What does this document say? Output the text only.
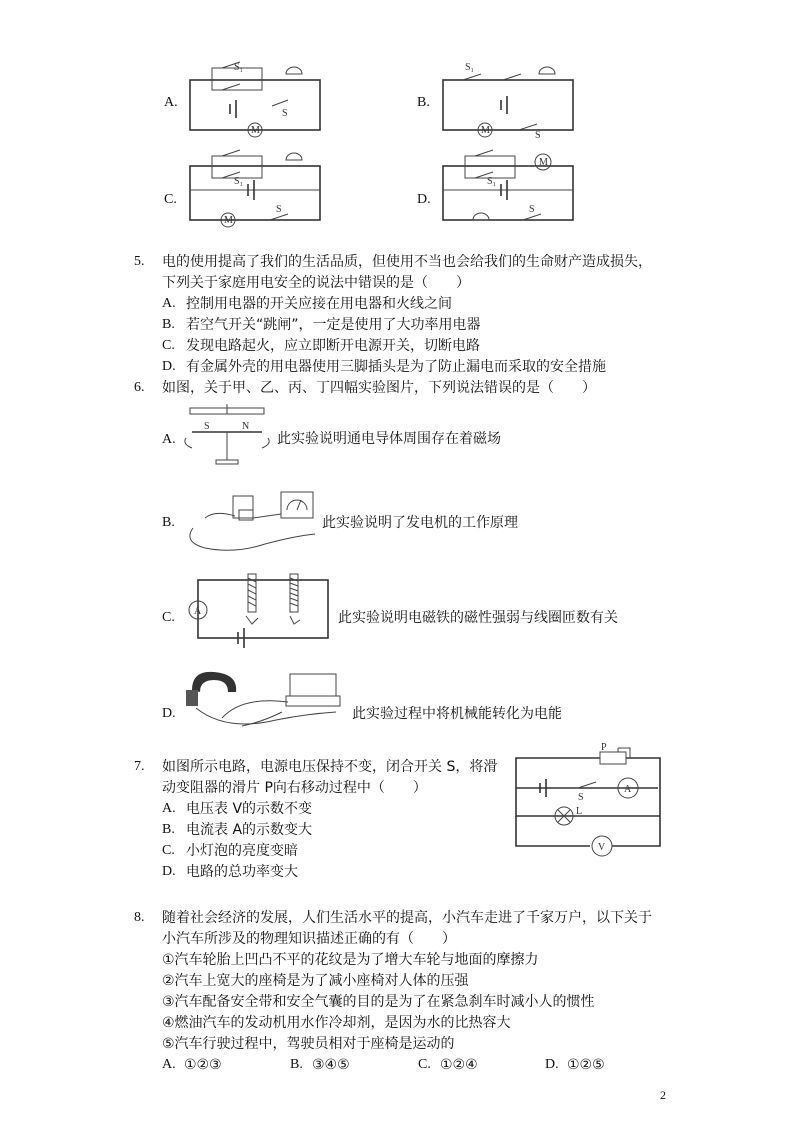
A.
S₁
S
M
B.
S₁
S
M
C.
S₁
S
M
D.
S₁
S
M
5. 电的使用提高了我们的生活品质，但使用不当也会给我们的生命财产造成损失，
下列关于家庭用电安全的说法中错误的是（　　）
A. 控制用电器的开关应接在用电器和火线之间
B. 若空气开关“跳闸”，一定是使用了大功率用电器
C. 发现电路起火，应立即断开电源开关，切断电路
D. 有金属外壳的用电器使用三脚插头是为了防止漏电而采取的安全措施
6. 如图，关于甲、乙、丙、丁四幅实验图片，下列说法错误的是（　　）
A.
S	N
此实验说明通电导体周围存在着磁场
B.	此实验说明了发电机的工作原理
C. A	此实验说明电磁铁的磁性强弱与线圈匝数有关
D.	此实验过程中将机械能转化为电能
7. 如图所示电路，电源电压保持不变，闭合开关 S，将滑
动变阻器的滑片 P向右移动过程中（　　）
A. 电压表 V的示数不变
B. 电流表 A的示数变大
C. 小灯泡的亮度变暗
D. 电路的总功率变大
P
S
A
V
L
8. 随着社会经济的发展，人们生活水平的提高，小汽车走进了千家万户，以下关于
小汽车所涉及的物理知识描述正确的有（　　）
①汽车轮胎上凹凸不平的花纹是为了增大车轮与地面的摩擦力
②汽车上宽大的座椅是为了减小座椅对人体的压强
③汽车配备安全带和安全气囊的目的是为了在紧急刹车时减小人的惯性
④燃油汽车的发动机用水作冷却剂，是因为水的比热容大
⑤汽车行驶过程中，驾驶员相对于座椅是运动的
A. ①②③	B. ③④⑤	C. ①②④	D. ①②⑤
2
